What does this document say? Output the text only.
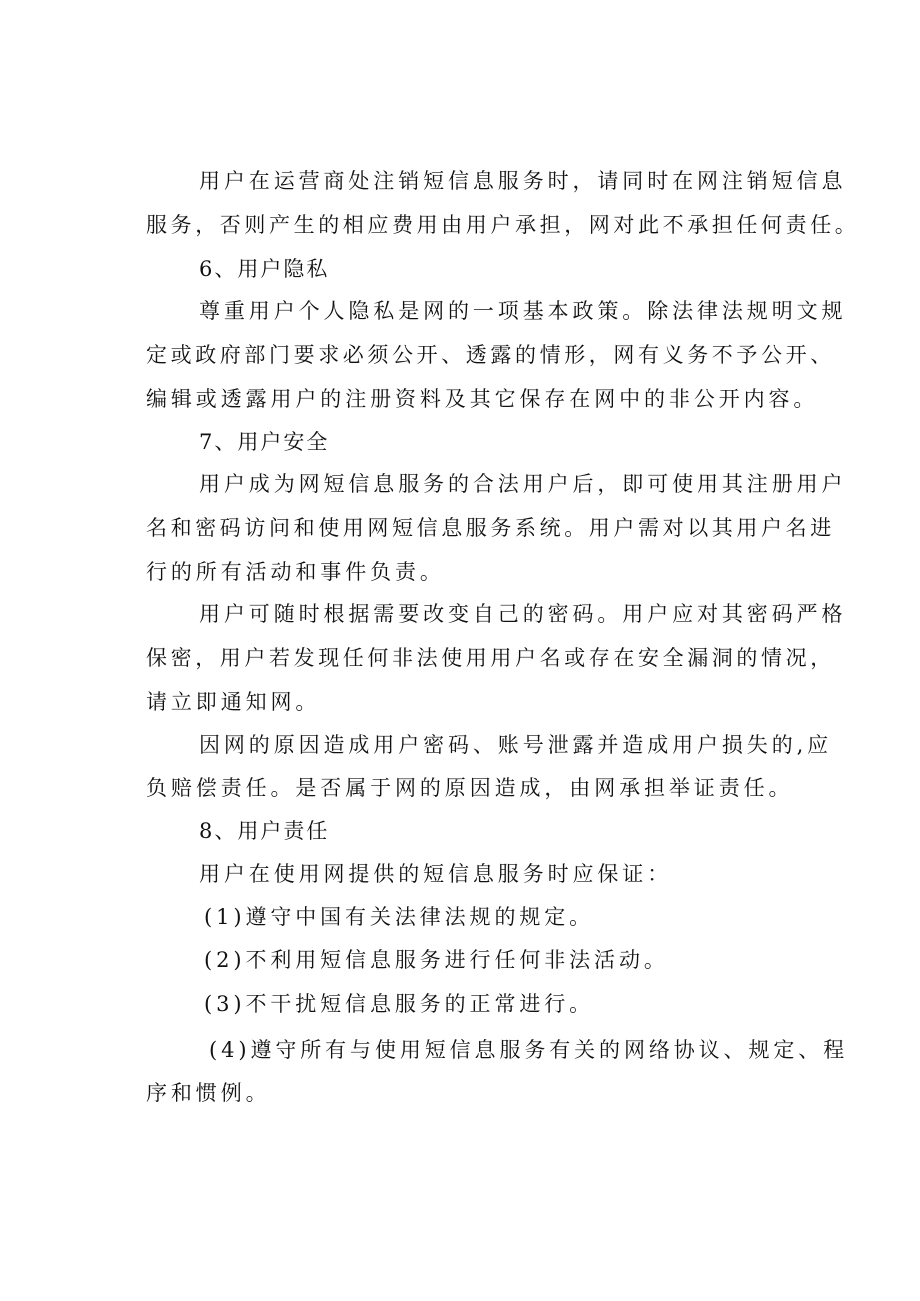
用户在运营商处注销短信息服务时，请同时在网注销短信息
服务，否则产生的相应费用由用户承担，网对此不承担任何责任。
6、用户隐私
尊重用户个人隐私是网的一项基本政策。除法律法规明文规
定或政府部门要求必须公开、透露的情形，网有义务不予公开、
编辑或透露用户的注册资料及其它保存在网中的非公开内容。
7、用户安全
用户成为网短信息服务的合法用户后，即可使用其注册用户
名和密码访问和使用网短信息服务系统。用户需对以其用户名进
行的所有活动和事件负责。
用户可随时根据需要改变自己的密码。用户应对其密码严格
保密，用户若发现任何非法使用用户名或存在安全漏洞的情况，
请立即通知网。
因网的原因造成用户密码、账号泄露并造成用户损失的,应
负赔偿责任。是否属于网的原因造成，由网承担举证责任。
8、用户责任
用户在使用网提供的短信息服务时应保证：
(1)遵守中国有关法律法规的规定。
(2)不利用短信息服务进行任何非法活动。
(3)不干扰短信息服务的正常进行。
(4)遵守所有与使用短信息服务有关的网络协议、规定、程
序和惯例。
